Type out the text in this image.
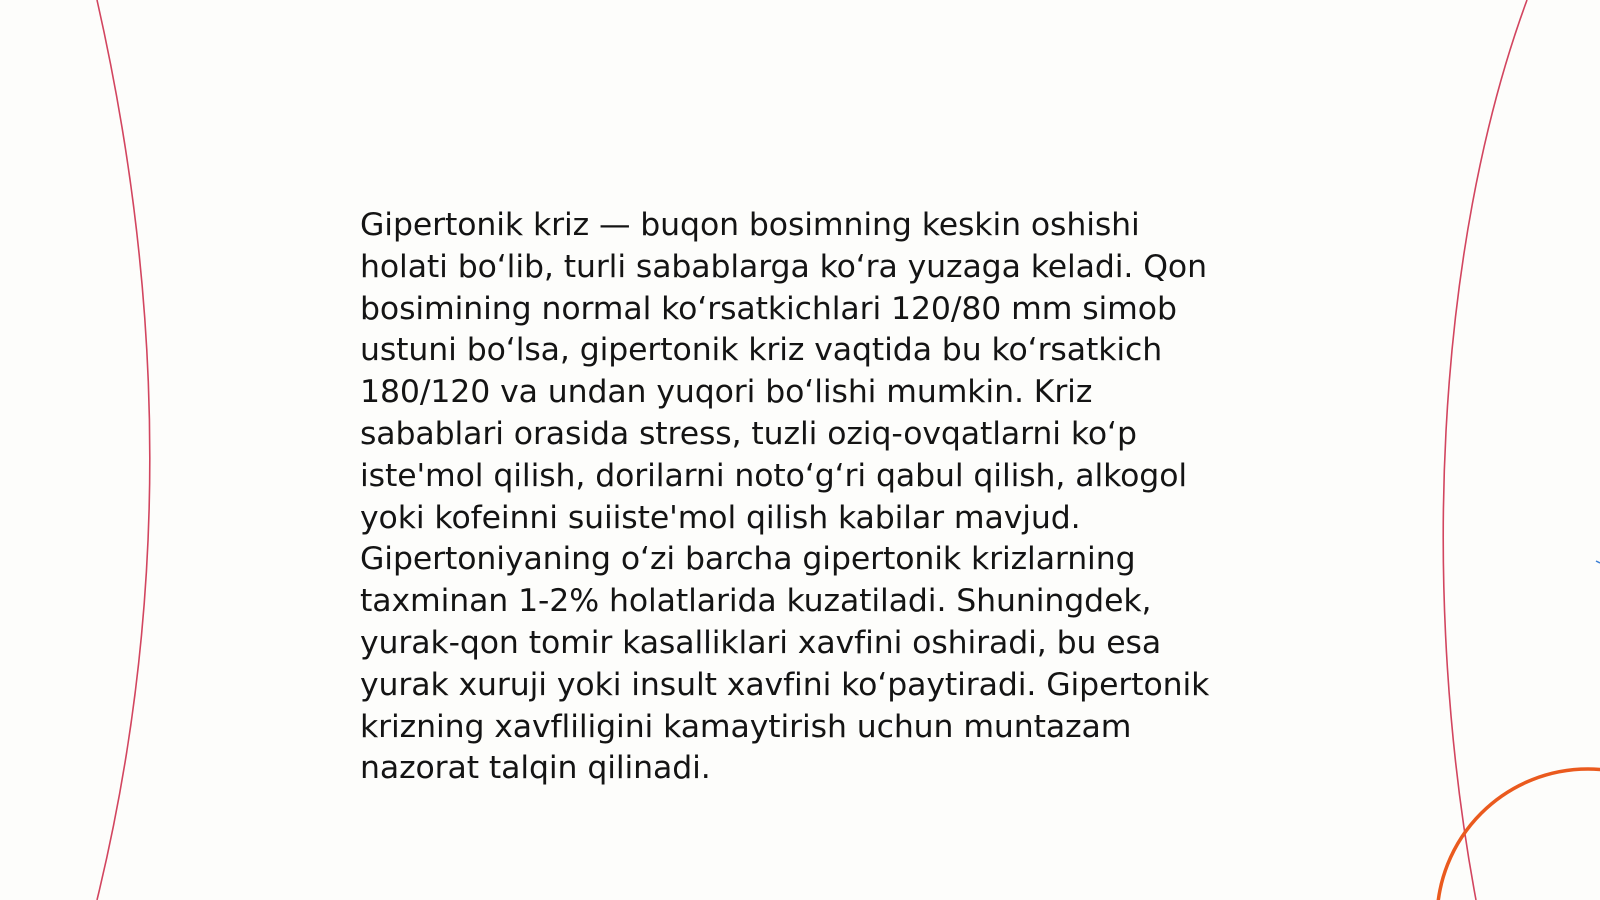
Gipertonik kriz — buqon bosimning keskin oshishi
holati boʻlib, turli sabablarga koʻra yuzaga keladi. Qon
bosimining normal koʻrsatkichlari 120/80 mm simob
ustuni boʻlsa, gipertonik kriz vaqtida bu koʻrsatkich
180/120 va undan yuqori boʻlishi mumkin. Kriz
sabablari orasida stress, tuzli oziq-ovqatlarni koʻp
iste'mol qilish, dorilarni notoʻgʻri qabul qilish, alkogol
yoki kofeinni suiiste'mol qilish kabilar mavjud.
Gipertoniyaning oʻzi barcha gipertonik krizlarning
taxminan 1-2% holatlarida kuzatiladi. Shuningdek,
yurak-qon tomir kasalliklari xavfini oshiradi, bu esa
yurak xuruji yoki insult xavfini koʻpaytiradi. Gipertonik
krizning xavfliligini kamaytirish uchun muntazam
nazorat talqin qilinadi.
